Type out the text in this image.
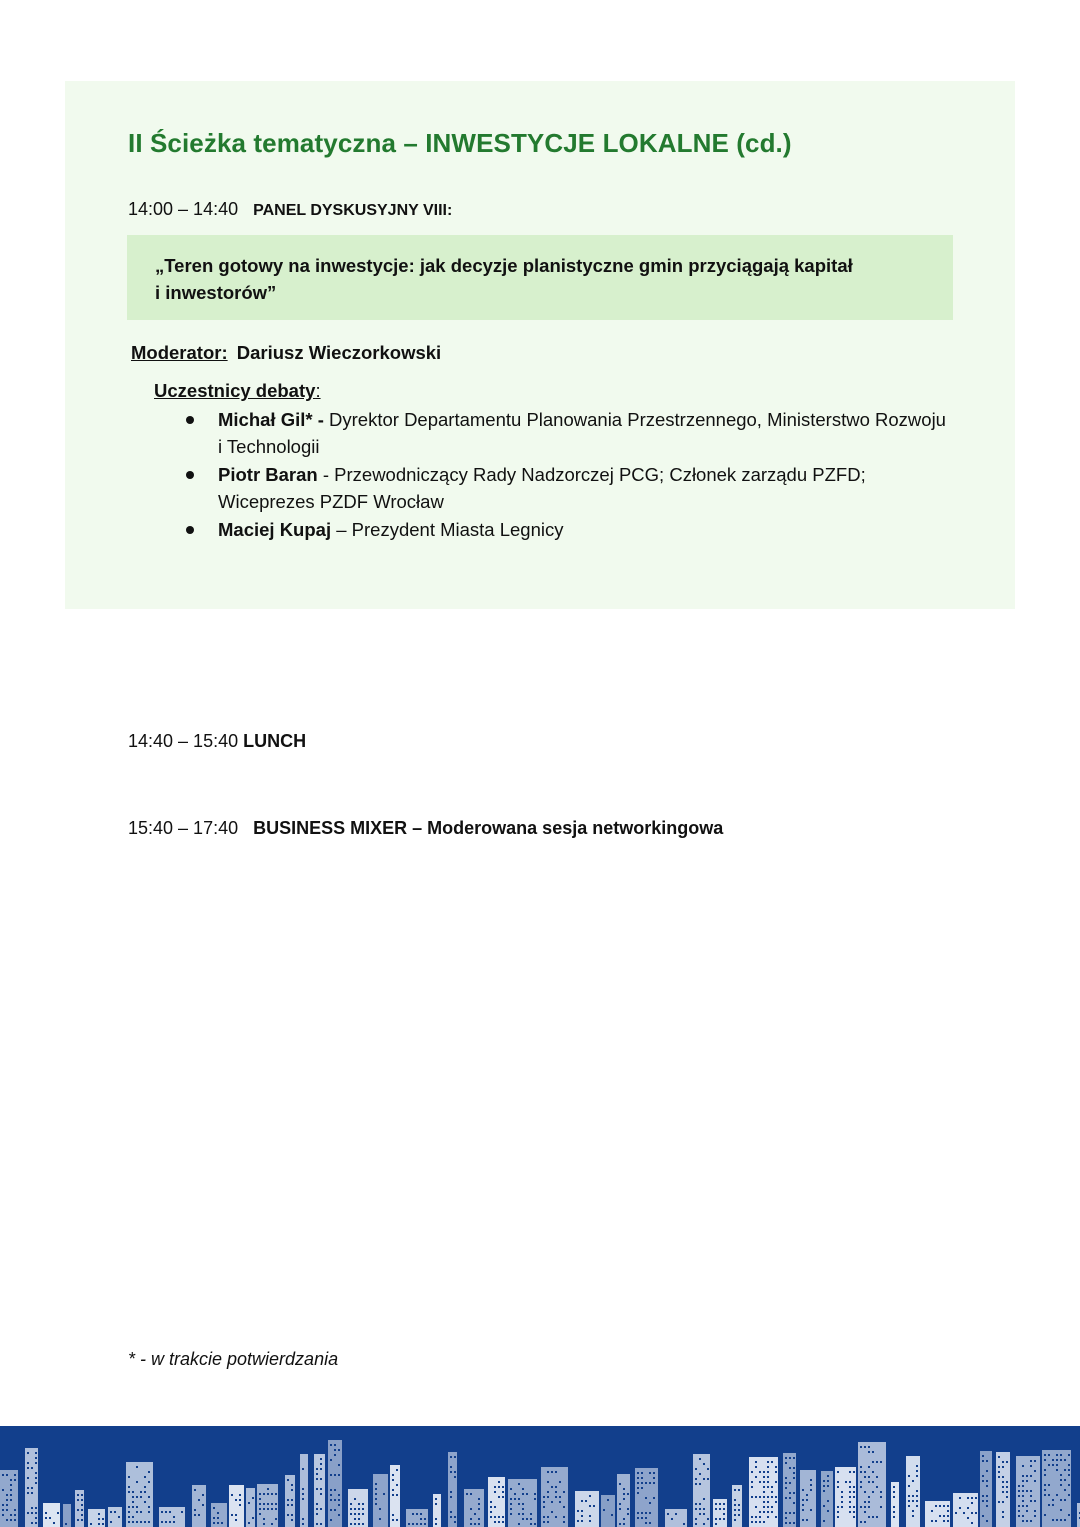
II Ścieżka tematyczna – INWESTYCJE LOKALNE (cd.)
14:00 – 14:40 PANEL DYSKUSYJNY VIII:

„Teren gotowy na inwestycje: jak decyzje planistyczne gmin przyciągają kapitał
i inwestorów”

Moderator: Dariusz Wieczorkowski
Uczestnicy debaty:
Michał Gil* - Dyrektor Departamentu Planowania Przestrzennego, Ministerstwo Rozwoju i Technologii
Piotr Baran - Przewodniczący Rady Nadzorczej PCG; Członek zarządu PZFD; Wiceprezes PZDF Wrocław
Maciej Kupaj – Prezydent Miasta Legnicy
14:40 – 15:40 LUNCH
15:40 – 17:40 BUSINESS MIXER – Moderowana sesja networkingowa
* - w trakcie potwierdzania
